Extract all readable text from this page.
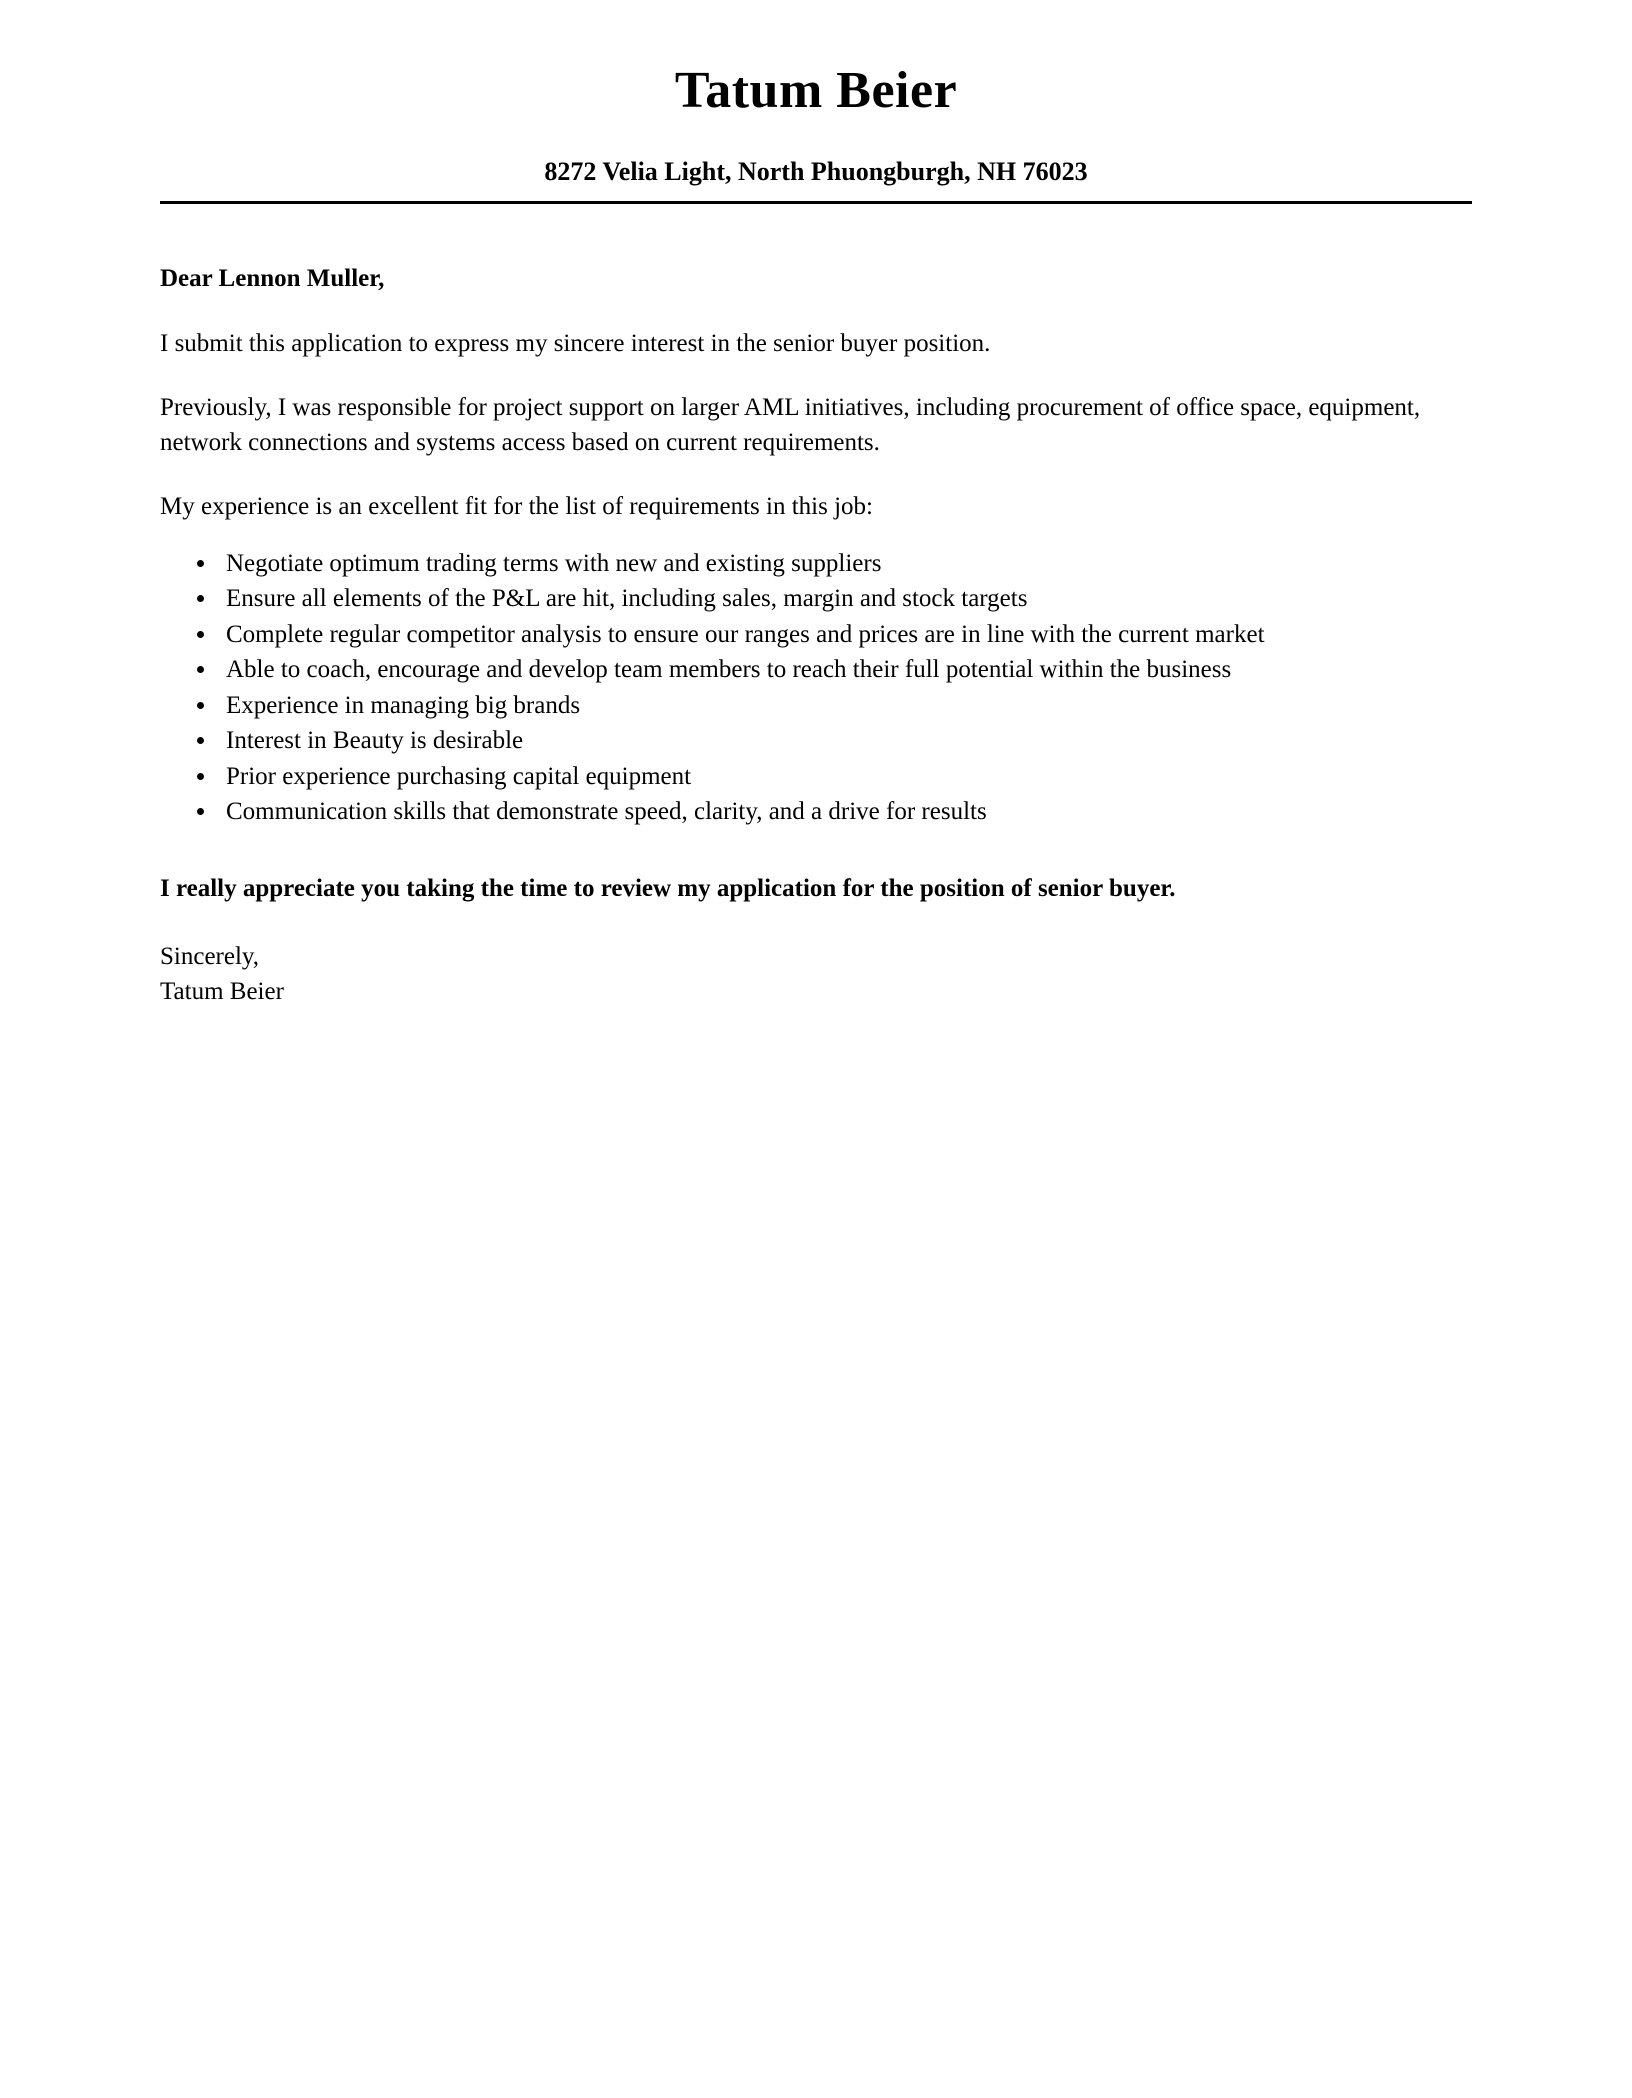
Tatum Beier
8272 Velia Light, North Phuongburgh, NH 76023

Dear Lennon Muller,

I submit this application to express my sincere interest in the senior buyer position.

Previously, I was responsible for project support on larger AML initiatives, including procurement of office space, equipment, network connections and systems access based on current requirements.

My experience is an excellent fit for the list of requirements in this job:

• Negotiate optimum trading terms with new and existing suppliers
• Ensure all elements of the P&L are hit, including sales, margin and stock targets
• Complete regular competitor analysis to ensure our ranges and prices are in line with the current market
• Able to coach, encourage and develop team members to reach their full potential within the business
• Experience in managing big brands
• Interest in Beauty is desirable
• Prior experience purchasing capital equipment
• Communication skills that demonstrate speed, clarity, and a drive for results

I really appreciate you taking the time to review my application for the position of senior buyer.

Sincerely,
Tatum Beier
